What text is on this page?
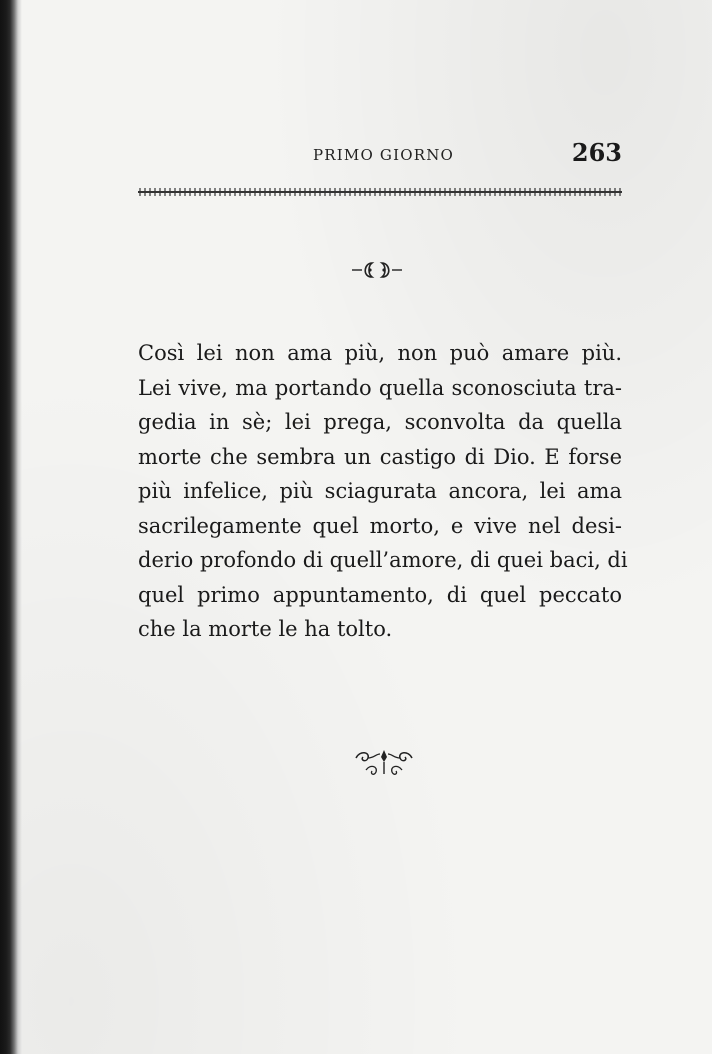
PRIMO GIORNO	263
Così lei non ama più, non può amare più.
Lei vive, ma portando quella sconosciuta tra-
gedia in sè; lei prega, sconvolta da quella
morte che sembra un castigo di Dio. E forse
più infelice, più sciagurata ancora, lei ama
sacrilegamente quel morto, e vive nel desi-
derio profondo di quell’amore, di quei baci, di
quel primo appuntamento, di quel peccato
che la morte le ha tolto.
